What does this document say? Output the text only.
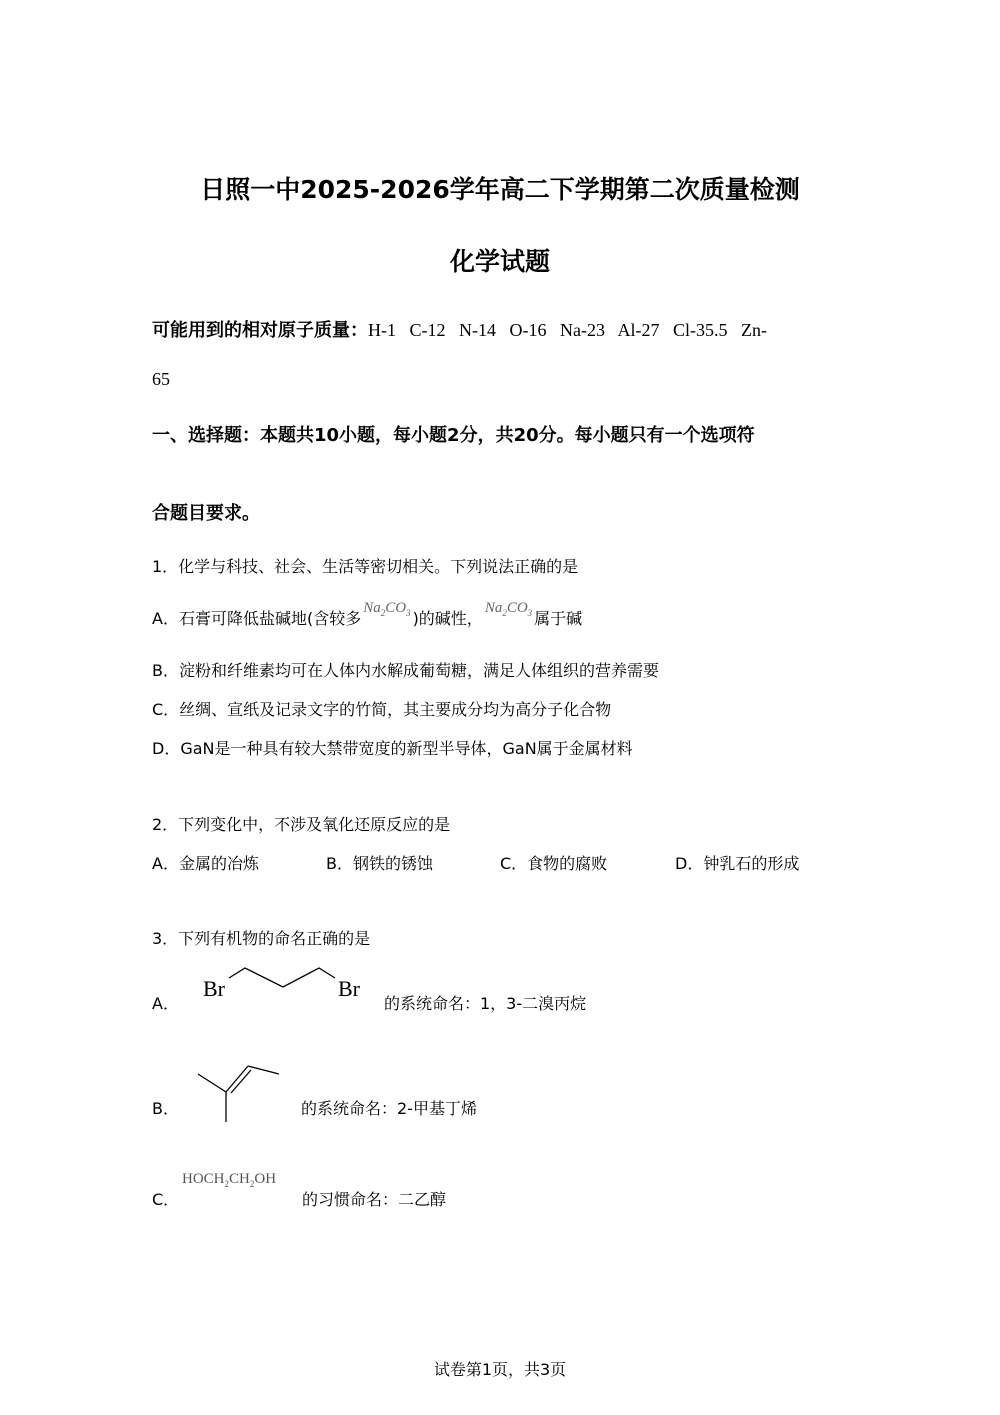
日照一中2025-2026学年高二下学期第二次质量检测
化学试题
可能用到的相对原子质量：H-1   C-12   N-14   O-16   Na-23   Al-27   Cl-35.5   Zn-
65
一、选择题：本题共10小题，每小题2分，共20分。每小题只有一个选项符
合题目要求。
1．化学与科技、社会、生活等密切相关。下列说法正确的是
A．石膏可降低盐碱地(含较多$Na_2CO_3$ )的碱性，$Na_2CO_3$ 属于碱
B．淀粉和纤维素均可在人体内水解成葡萄糖，满足人体组织的营养需要
C．丝绸、宣纸及记录文字的竹简，其主要成分均为高分子化合物
D．GaN是一种具有较大禁带宽度的新型半导体，GaN属于金属材料
2．下列变化中，不涉及氧化还原反应的是
A．金属的冶炼	B．钢铁的锈蚀	C．食物的腐败	D．钟乳石的形成
3．下列有机物的命名正确的是
A．
Br	Br
的系统命名：1，3-二溴丙烷
B．	的系统命名：2-甲基丁烯
C．
$HOCH_2CH_2OH$
的习惯命名：二乙醇
试卷第1页，共3页
